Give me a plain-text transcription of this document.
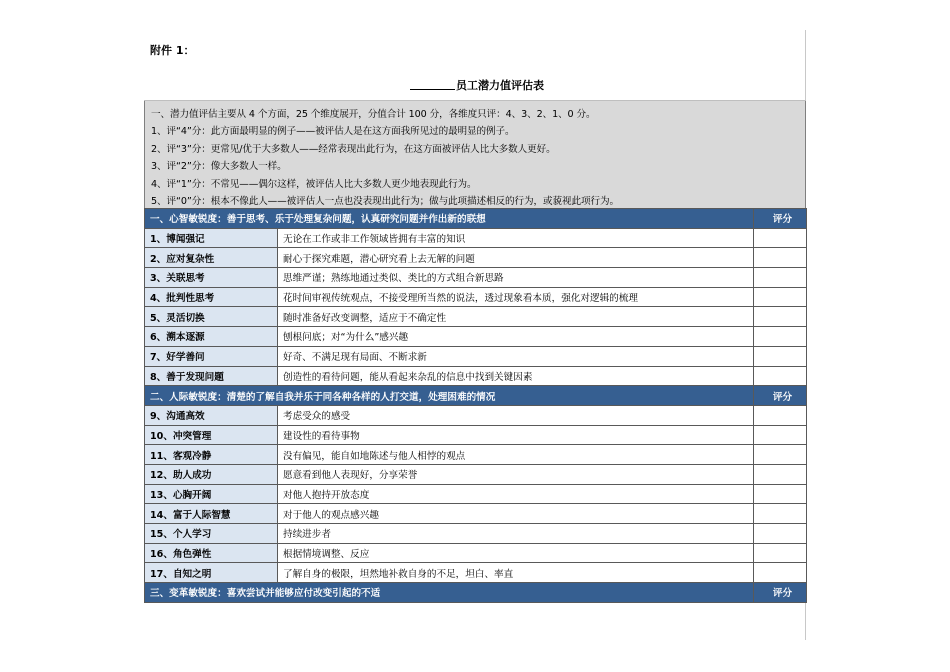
附件 1：
员工潜力值评估表
一、潜力值评估主要从 4 个方面，25 个维度展开，分值合计 100 分，各维度只评：4、3、2、1、0 分。
1、评“4”分：此方面最明显的例子——被评估人是在这方面我所见过的最明显的例子。
2、评“3”分：更常见/优于大多数人——经常表现出此行为，在这方面被评估人比大多数人更好。
3、评“2”分：像大多数人一样。
4、评“1”分：不常见——偶尔这样，被评估人比大多数人更少地表现此行为。
5、评“0”分：根本不像此人——被评估人一点也没表现出此行为；做与此项描述相反的行为，或藐视此项行为。
一、心智敏锐度：善于思考、乐于处理复杂问题，认真研究问题并作出新的联想		评分
1、博闻强记	无论在工作或非工作领域皆拥有丰富的知识	
2、应对复杂性	耐心于探究难题，潜心研究看上去无解的问题	
3、关联思考	思维严谨；熟练地通过类似、类比的方式组合新思路	
4、批判性思考	花时间审视传统观点，不接受理所当然的说法，透过现象看本质，强化对逻辑的梳理	
5、灵活切换	随时准备好改变调整，适应于不确定性	
6、溯本逐源	刨根问底；对“为什么”感兴趣	
7、好学善问	好奇、不满足现有局面、不断求新	
8、善于发现问题	创造性的看待问题，能从看起来杂乱的信息中找到关键因素	
二、人际敏锐度：清楚的了解自我并乐于同各种各样的人打交道，处理困难的情况		评分
9、沟通高效	考虑受众的感受	
10、冲突管理	建设性的看待事物	
11、客观冷静	没有偏见，能自如地陈述与他人相悖的观点	
12、助人成功	愿意看到他人表现好，分享荣誉	
13、心胸开阔	对他人抱持开放态度	
14、富于人际智慧	对于他人的观点感兴趣	
15、个人学习	持续进步者	
16、角色弹性	根据情境调整、反应	
17、自知之明	了解自身的极限，坦然地补救自身的不足，坦白、率直	
三、变革敏锐度：喜欢尝试并能够应付改变引起的不适		评分
